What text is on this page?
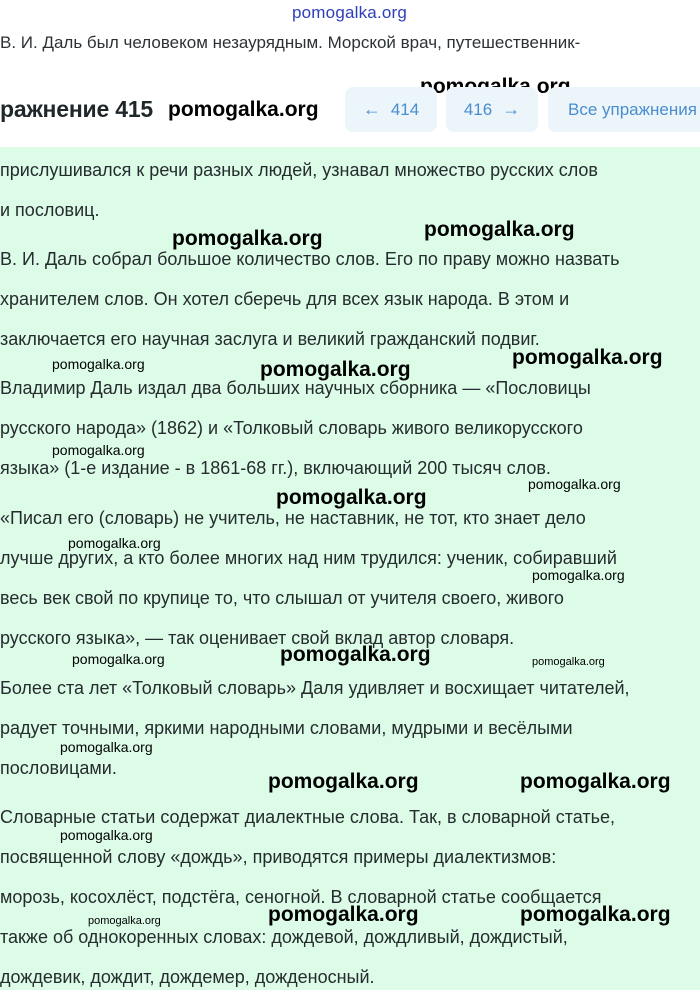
pomogalka.org
В. И. Даль был человеком незаурядным. Морской врач, путешественник-
ражнение 415 pomogalka.org ← 414	416 →	Все упражнения
прислушивался к речи разных людей, узнавал множество русских слов
и пословиц.
В. И. Даль собрал большое количество слов. Его по праву можно назвать
хранителем слов. Он хотел сберечь для всех язык народа. В этом и
заключается его научная заслуга и великий гражданский подвиг.
Владимир Даль издал два больших научных сборника — «Пословицы
русского народа» (1862) и «Толковый словарь живого великорусского
языка» (1-е издание - в 1861-68 гг.), включающий 200 тысяч слов.
«Писал его (словарь) не учитель, не наставник, не тот, кто знает дело
лучше других, а кто более многих над ним трудился: ученик, собиравший
весь век свой по крупице то, что слышал от учителя своего, живого
русского языка», — так оценивает свой вклад автор словаря.
Более ста лет «Толковый словарь» Даля удивляет и восхищает читателей,
радует точными, яркими народными словами, мудрыми и весёлыми
пословицами.
Словарные статьи содержат диалектные слова. Так, в словарной статье,
посвященной слову «дождь», приводятся примеры диалектизмов:
морозь, косохлёст, подстёга, сеногной. В словарной статье сообщается
также об однокоренных словах: дождевой, дождливый, дождистый,
дождевик, дождит, дождемер, дожденосный.
pomogalka.org	pomogalka.org
pomogalka.org	pomogalka.org
pomogalka.org
pomogalka.org
pomogalka.org
pomogalka.org
pomogalka.org
pomogalka.org
pomogalka.org
pomogalka.org	pomogalka.org
pomogalka.org
pomogalka.org	pomogalka.org
pomogalka.org
pomogalka.org	pomogalka.org	pomogalka.org
